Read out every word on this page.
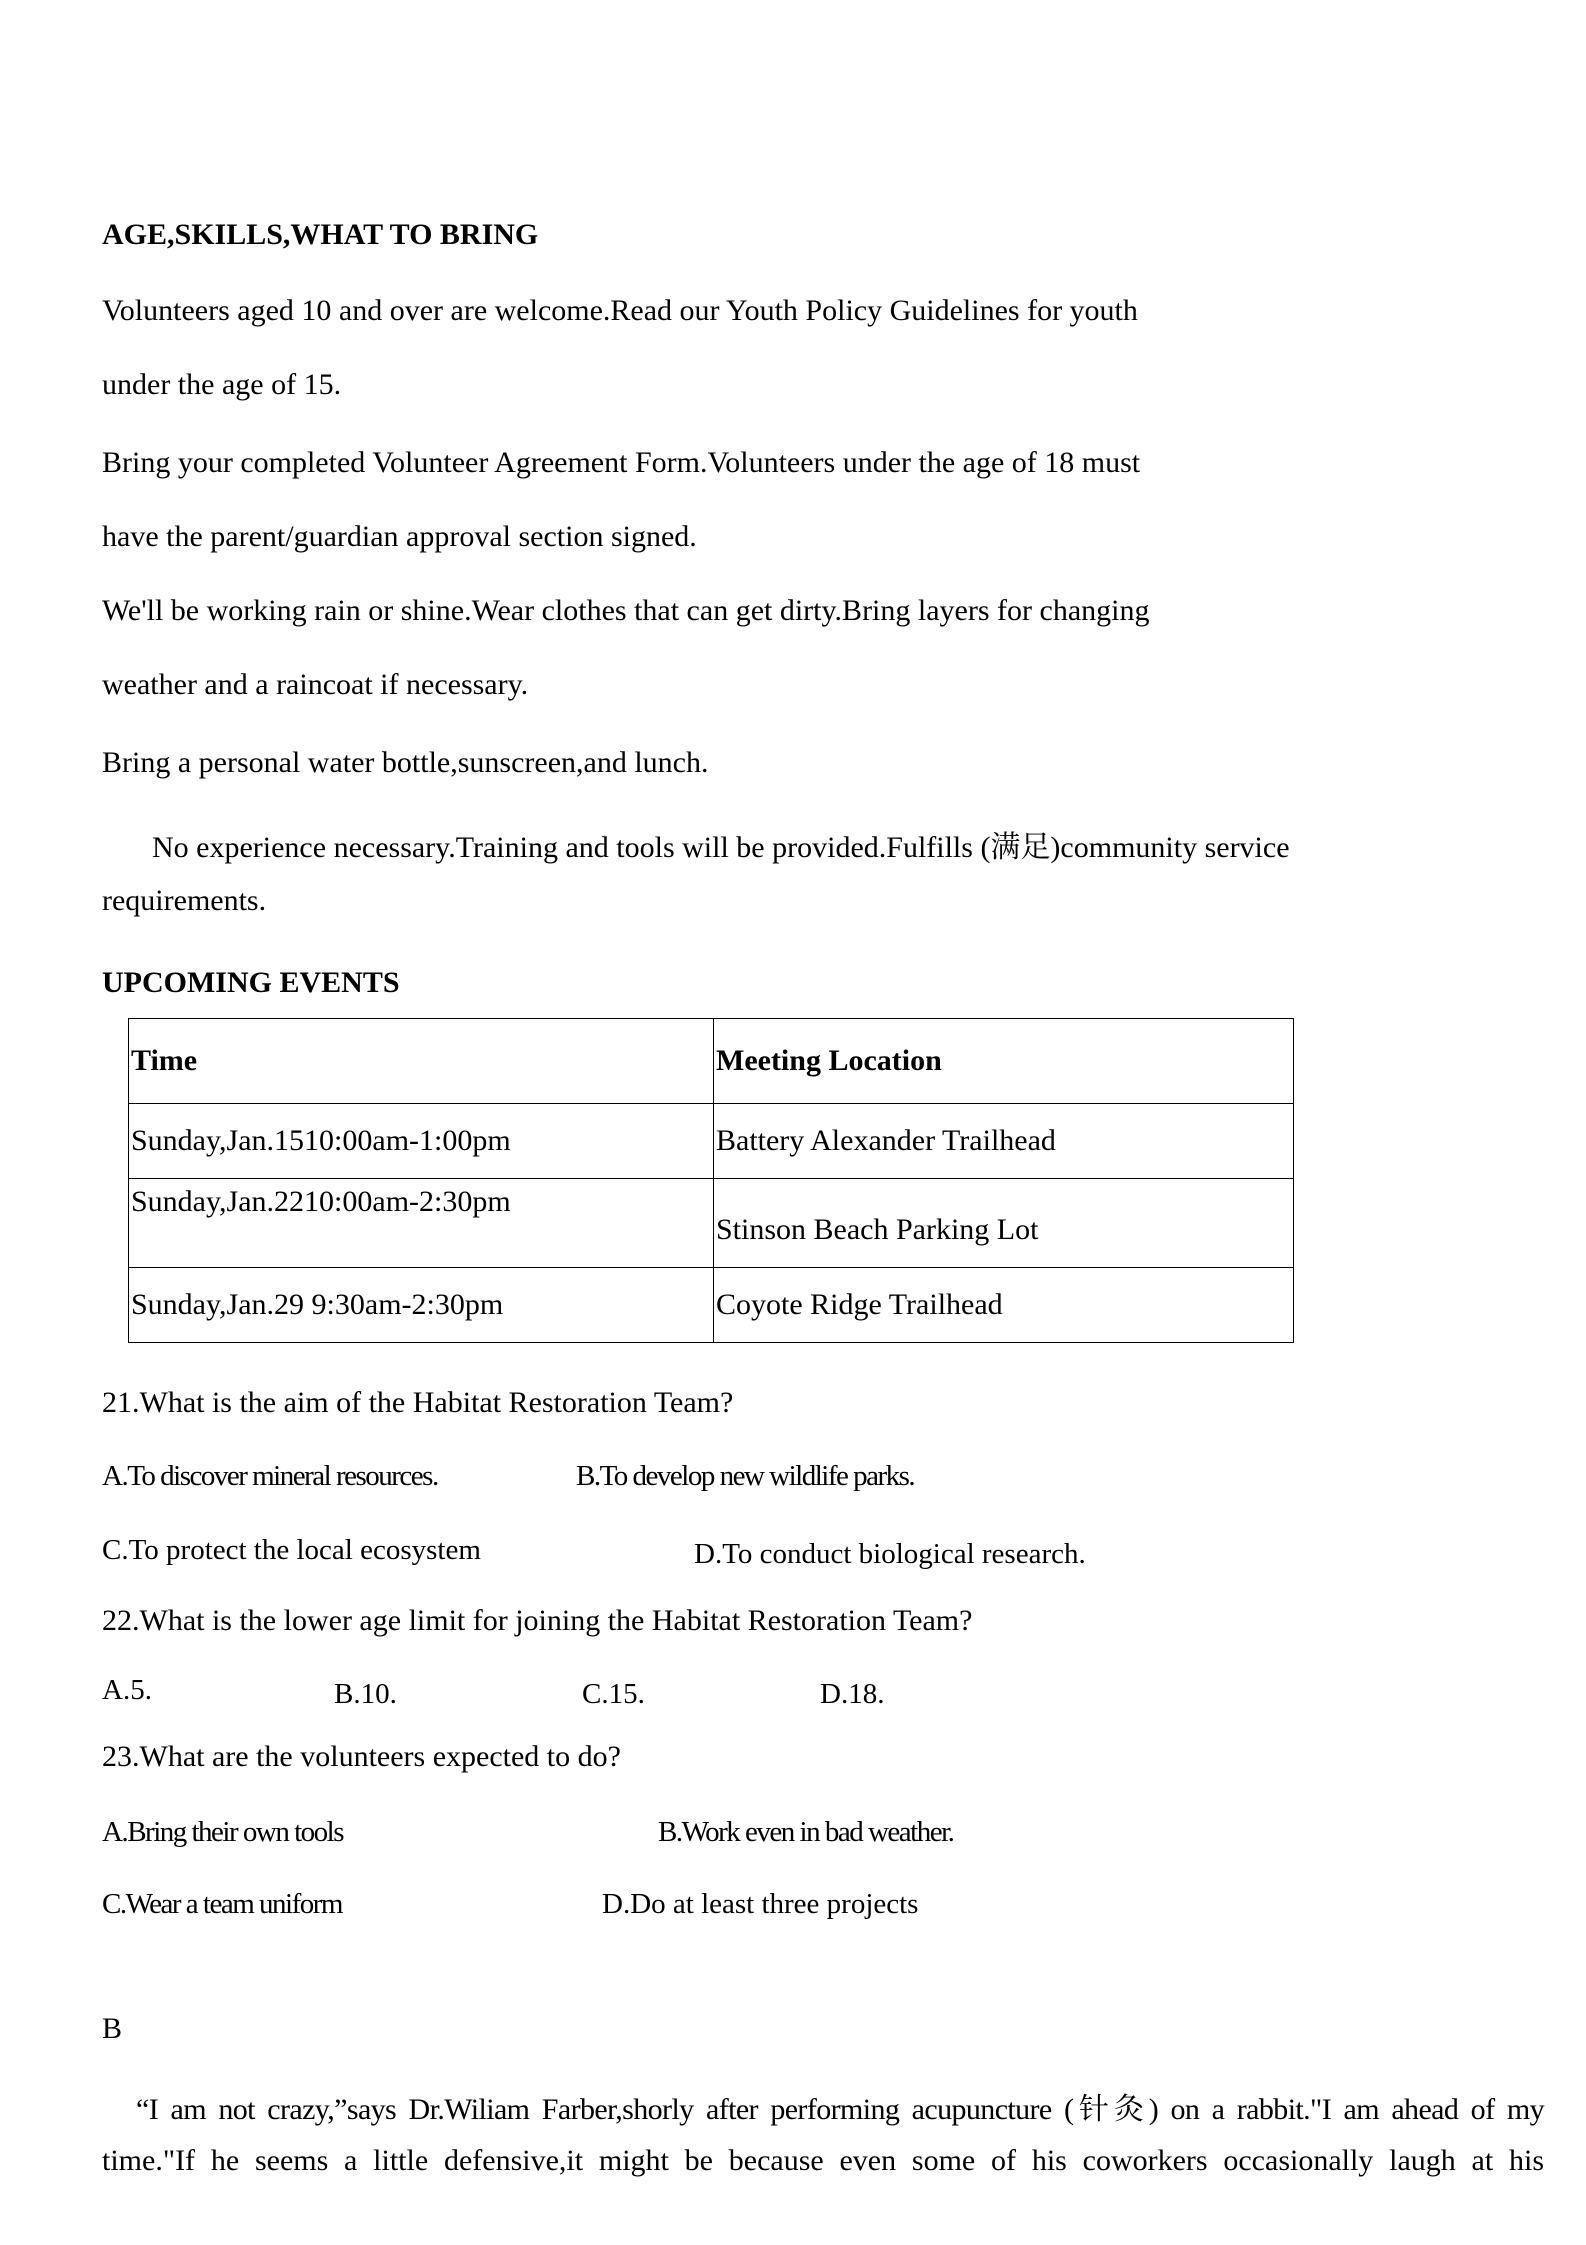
AGE,SKILLS,WHAT TO BRING
Volunteers aged 10 and over are welcome.Read our Youth Policy Guidelines for youth
under the age of 15.
Bring your completed Volunteer Agreement Form.Volunteers under the age of 18 must
have the parent/guardian approval section signed.
We'll be working rain or shine.Wear clothes that can get dirty.Bring layers for changing
weather and a raincoat if necessary.
Bring a personal water bottle,sunscreen,and lunch.
No experience necessary.Training and tools will be provided.Fulfills (满足)community service
requirements.
UPCOMING EVENTS
Time	Meeting Location
Sunday,Jan.1510:00am-1:00pm	Battery Alexander Trailhead
Sunday,Jan.2210:00am-2:30pm	Stinson Beach Parking Lot
Sunday,Jan.29 9:30am-2:30pm	Coyote Ridge Trailhead
21.What is the aim of the Habitat Restoration Team?
A.To discover mineral resources.	B.To develop new wildlife parks.
C.To protect the local ecosystem	D.To conduct biological research.
22.What is the lower age limit for joining the Habitat Restoration Team?
A.5.	B.10.	C.15.	D.18.
23.What are the volunteers expected to do?
A.Bring their own tools	B.Work even in bad weather.
C.Wear a team uniform	D.Do at least three projects
B
“I am not crazy,”says Dr.Wiliam Farber,shorly after performing acupuncture (针灸) on a rabbit."I am ahead of my
time."If he seems a little defensive,it might be because even some of his coworkers occasionally laugh at his
